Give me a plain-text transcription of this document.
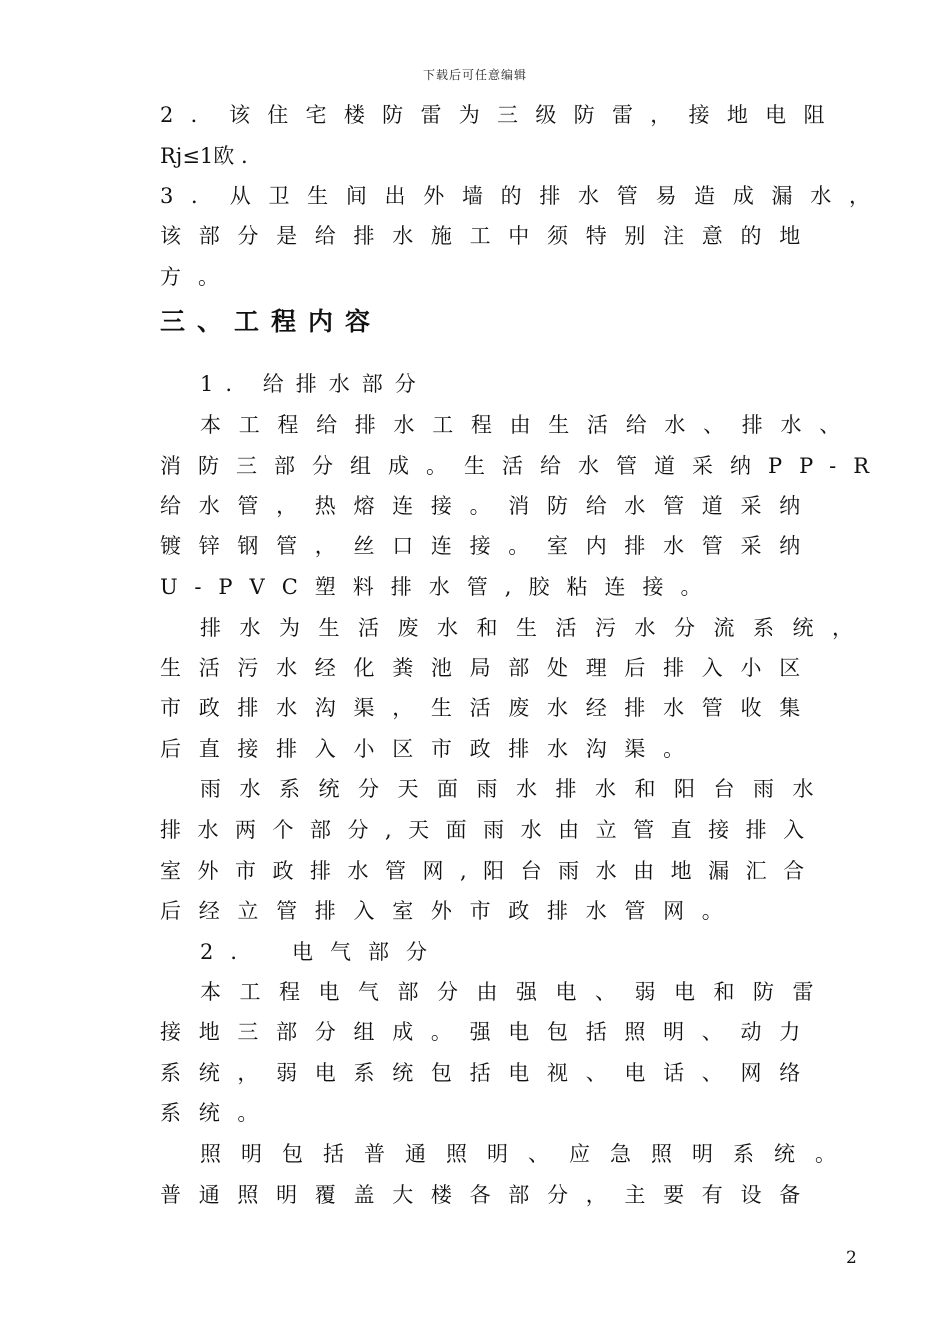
下载后可任意编辑
2．该住宅楼防雷为三级防雷，接地电阻
Rj≤1欧 .
3．从卫生间出外墙的排水管易造成漏水，
该部分是给排水施工中须特别注意的地
方。
三、工程内容
1. 给排水部分
本工程给排水工程由生活给水、排水、
消防三部分组成。生活给水管道采纳PP-R
给水管，热熔连接。消防给水管道采纳
镀锌钢管，丝口连接。室内排水管采纳
U-PVC塑料排水管,胶粘连接。
排水为生活废水和生活污水分流系统，
生活污水经化粪池局部处理后排入小区
市政排水沟渠，生活废水经排水管收集
后直接排入小区市政排水沟渠。
雨水系统分天面雨水排水和阳台雨水
排水两个部分,天面雨水由立管直接排入
室外市政排水管网,阳台雨水由地漏汇合
后经立管排入室外市政排水管网。
2． 电气部分
本工程电气部分由强电、弱电和防雷
接地三部分组成。强电包括照明、动力
系统，弱电系统包括电视、电话、网络
系统。
照明包括普通照明、应急照明系统。
普通照明覆盖大楼各部分，主要有设备
2
